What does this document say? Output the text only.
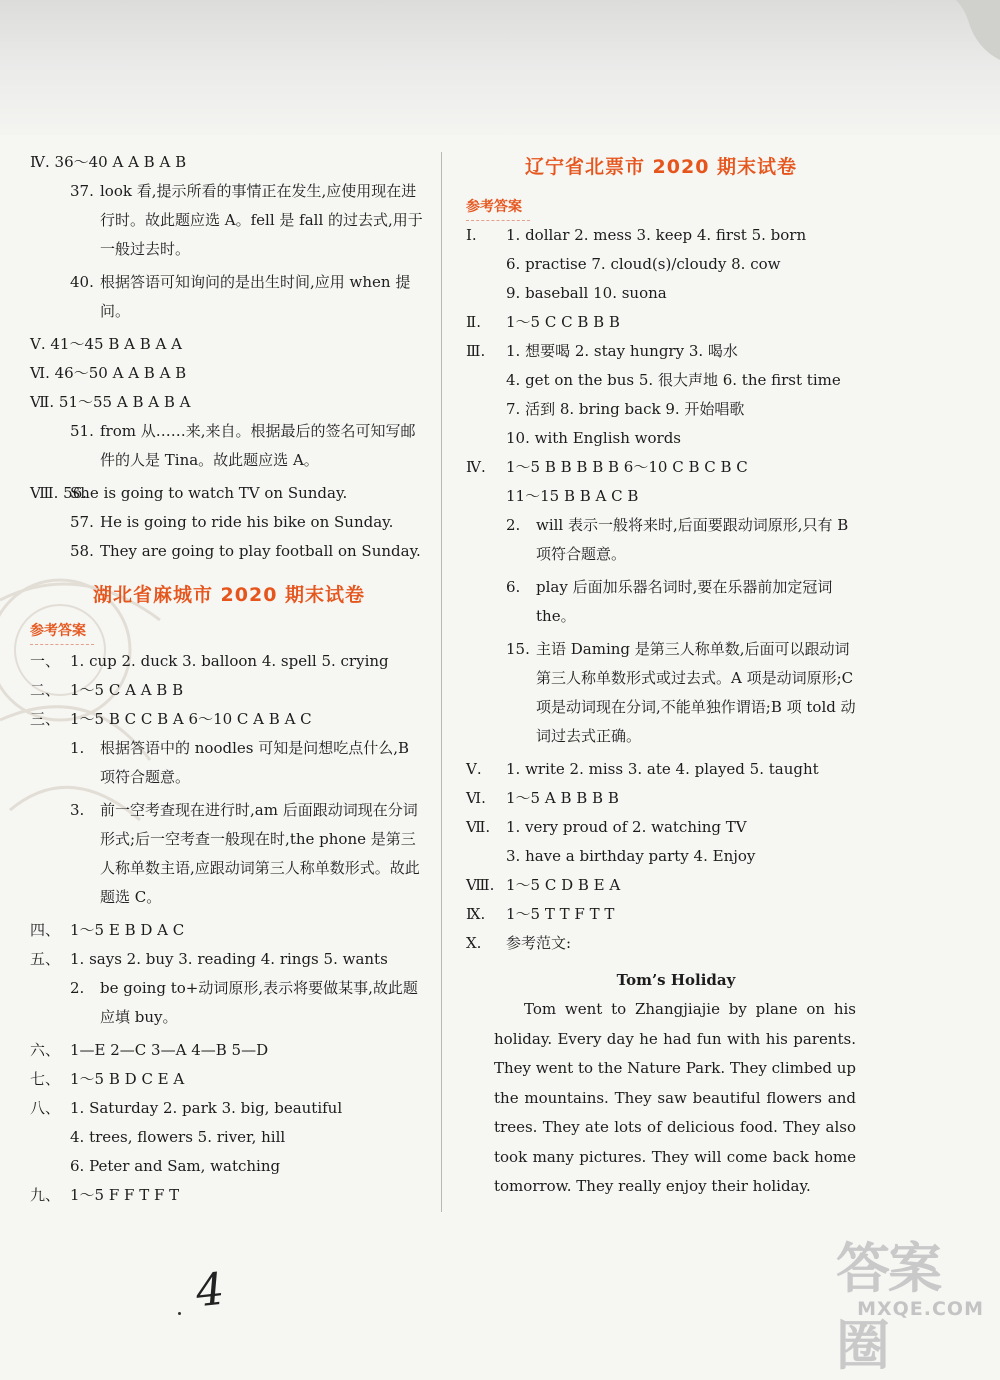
Ⅳ. 36～40 A A B A B
37. look 看,提示所看的事情正在发生,应使用现在进行时。故此题应选 A。fell 是 fall 的过去式,用于一般过去时。
40. 根据答语可知询问的是出生时间,应用 when 提问。
Ⅴ. 41～45 B A B A A
Ⅵ. 46～50 A A B A B
Ⅶ. 51～55 A B A B A
51. from 从……来,来自。根据最后的签名可知写邮件的人是 Tina。故此题应选 A。
Ⅷ. 56.She is going to watch TV on Sunday.
57. He is going to ride his bike on Sunday.
58. They are going to play football on Sunday.
湖北省麻城市 2020 期末试卷
参考答案
一、 1. cup 2. duck 3. balloon 4. spell 5. crying
二、 1～5 C A A B B
三、 1～5 B C C B A 6～10 C A B A C
1. 根据答语中的 noodles 可知是问想吃点什么,B 项符合题意。
3. 前一空考查现在进行时,am 后面跟动词现在分词形式;后一空考查一般现在时,the phone 是第三人称单数主语,应跟动词第三人称单数形式。故此题选 C。
四、 1～5 E B D A C
五、 1. says 2. buy 3. reading 4. rings 5. wants
2. be going to+动词原形,表示将要做某事,故此题应填 buy。
六、 1—E 2—C 3—A 4—B 5—D
七、 1～5 B D C E A
八、 1. Saturday 2. park 3. big, beautiful
4. trees, flowers 5. river, hill
6. Peter and Sam, watching
九、 1～5 F F T F T
辽宁省北票市 2020 期末试卷
参考答案
Ⅰ. 1. dollar 2. mess 3. keep 4. first 5. born
6. practise 7. cloud(s)/cloudy 8. cow
9. baseball 10. suona
Ⅱ. 1～5 C C B B B
Ⅲ. 1. 想要喝 2. stay hungry 3. 喝水
4. get on the bus 5. 很大声地 6. the first time
7. 活到 8. bring back 9. 开始唱歌
10. with English words
Ⅳ. 1～5 B B B B B 6～10 C B C B C
11～15 B B A C B
2. will 表示一般将来时,后面要跟动词原形,只有 B 项符合题意。
6. play 后面加乐器名词时,要在乐器前加定冠词 the。
15. 主语 Daming 是第三人称单数,后面可以跟动词第三人称单数形式或过去式。A 项是动词原形;C 项是动词现在分词,不能单独作谓语;B 项 told 动词过去式正确。
Ⅴ. 1. write 2. miss 3. ate 4. played 5. taught
Ⅵ. 1～5 A B B B B
Ⅶ. 1. very proud of 2. watching TV
3. have a birthday party 4. Enjoy
Ⅷ. 1～5 C D B E A
Ⅸ. 1～5 T T F T T
Ⅹ. 参考范文:
Tom’s Holiday
Tom went to Zhangjiajie by plane on his holiday. Every day he had fun with his parents. They went to the Nature Park. They climbed up the mountains. They saw beautiful flowers and trees. They ate lots of delicious food. They also took many pictures. They will come back home tomorrow. They really enjoy their holiday.
4	答案圈
MXQE.COM
